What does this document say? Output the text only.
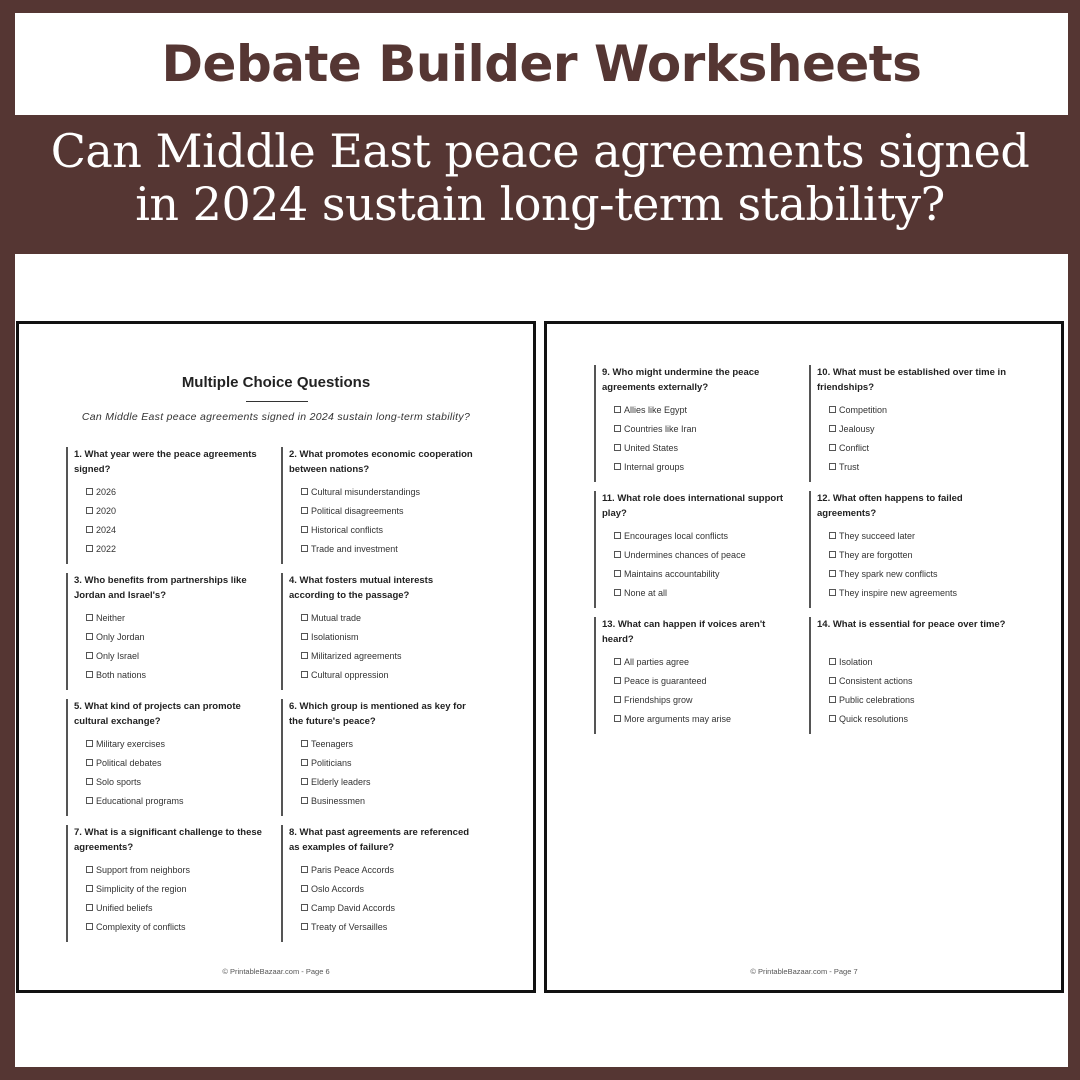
Debate Builder Worksheets
Can Middle East peace agreements signed
in 2024 sustain long-term stability?
Multiple Choice Questions
Can Middle East peace agreements signed in 2024 sustain long-term stability?
1. What year were the peace agreements signed?
2026
2020
2024
2022
2. What promotes economic cooperation between nations?
Cultural misunderstandings
Political disagreements
Historical conflicts
Trade and investment
3. Who benefits from partnerships like Jordan and Israel's?
Neither
Only Jordan
Only Israel
Both nations
4. What fosters mutual interests according to the passage?
Mutual trade
Isolationism
Militarized agreements
Cultural oppression
5. What kind of projects can promote cultural exchange?
Military exercises
Political debates
Solo sports
Educational programs
6. Which group is mentioned as key for the future's peace?
Teenagers
Politicians
Elderly leaders
Businessmen
7. What is a significant challenge to these agreements?
Support from neighbors
Simplicity of the region
Unified beliefs
Complexity of conflicts
8. What past agreements are referenced as examples of failure?
Paris Peace Accords
Oslo Accords
Camp David Accords
Treaty of Versailles
© PrintableBazaar.com - Page 6
9. Who might undermine the peace agreements externally?
Allies like Egypt
Countries like Iran
United States
Internal groups
10. What must be established over time in friendships?
Competition
Jealousy
Conflict
Trust
11. What role does international support play?
Encourages local conflicts
Undermines chances of peace
Maintains accountability
None at all
12. What often happens to failed agreements?
They succeed later
They are forgotten
They spark new conflicts
They inspire new agreements
13. What can happen if voices aren't heard?
All parties agree
Peace is guaranteed
Friendships grow
More arguments may arise
14. What is essential for peace over time?
Isolation
Consistent actions
Public celebrations
Quick resolutions
© PrintableBazaar.com - Page 7
